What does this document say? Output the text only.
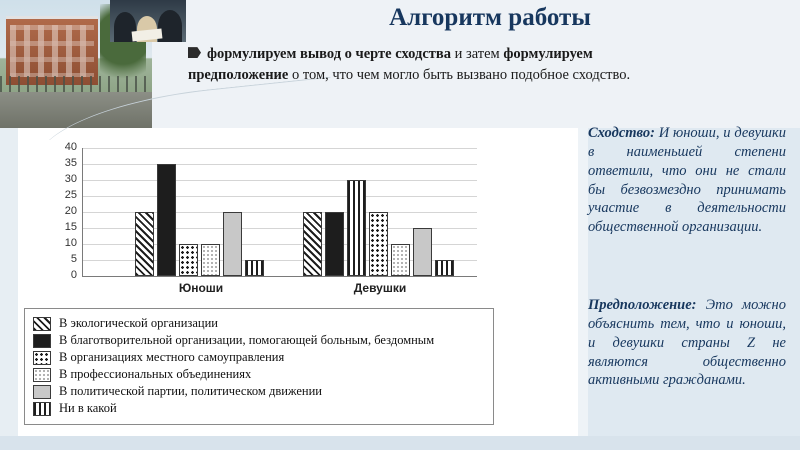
Алгоритм работы
формулируем вывод о черте сходства и затем формулируем предположение о том, что чем могло быть вызвано подобное сходство.
0
5
10
15
20
25
30
35
40
Юноши	Девушки
В экологической организации
В благотворительной организации, помогающей больным, бездомным
В организациях местного самоуправления
В профессиональных объединениях
В политической партии, политическом движении
Ни в какой
Сходство: И юноши, и девушки в наименьшей степени ответили, что они не стали бы безвозмездно принимать участие в деятельности общественной организации.
Предположение: Это можно объяснить тем, что и юноши, и девушки страны Z не являются общественно активными гражданами.
